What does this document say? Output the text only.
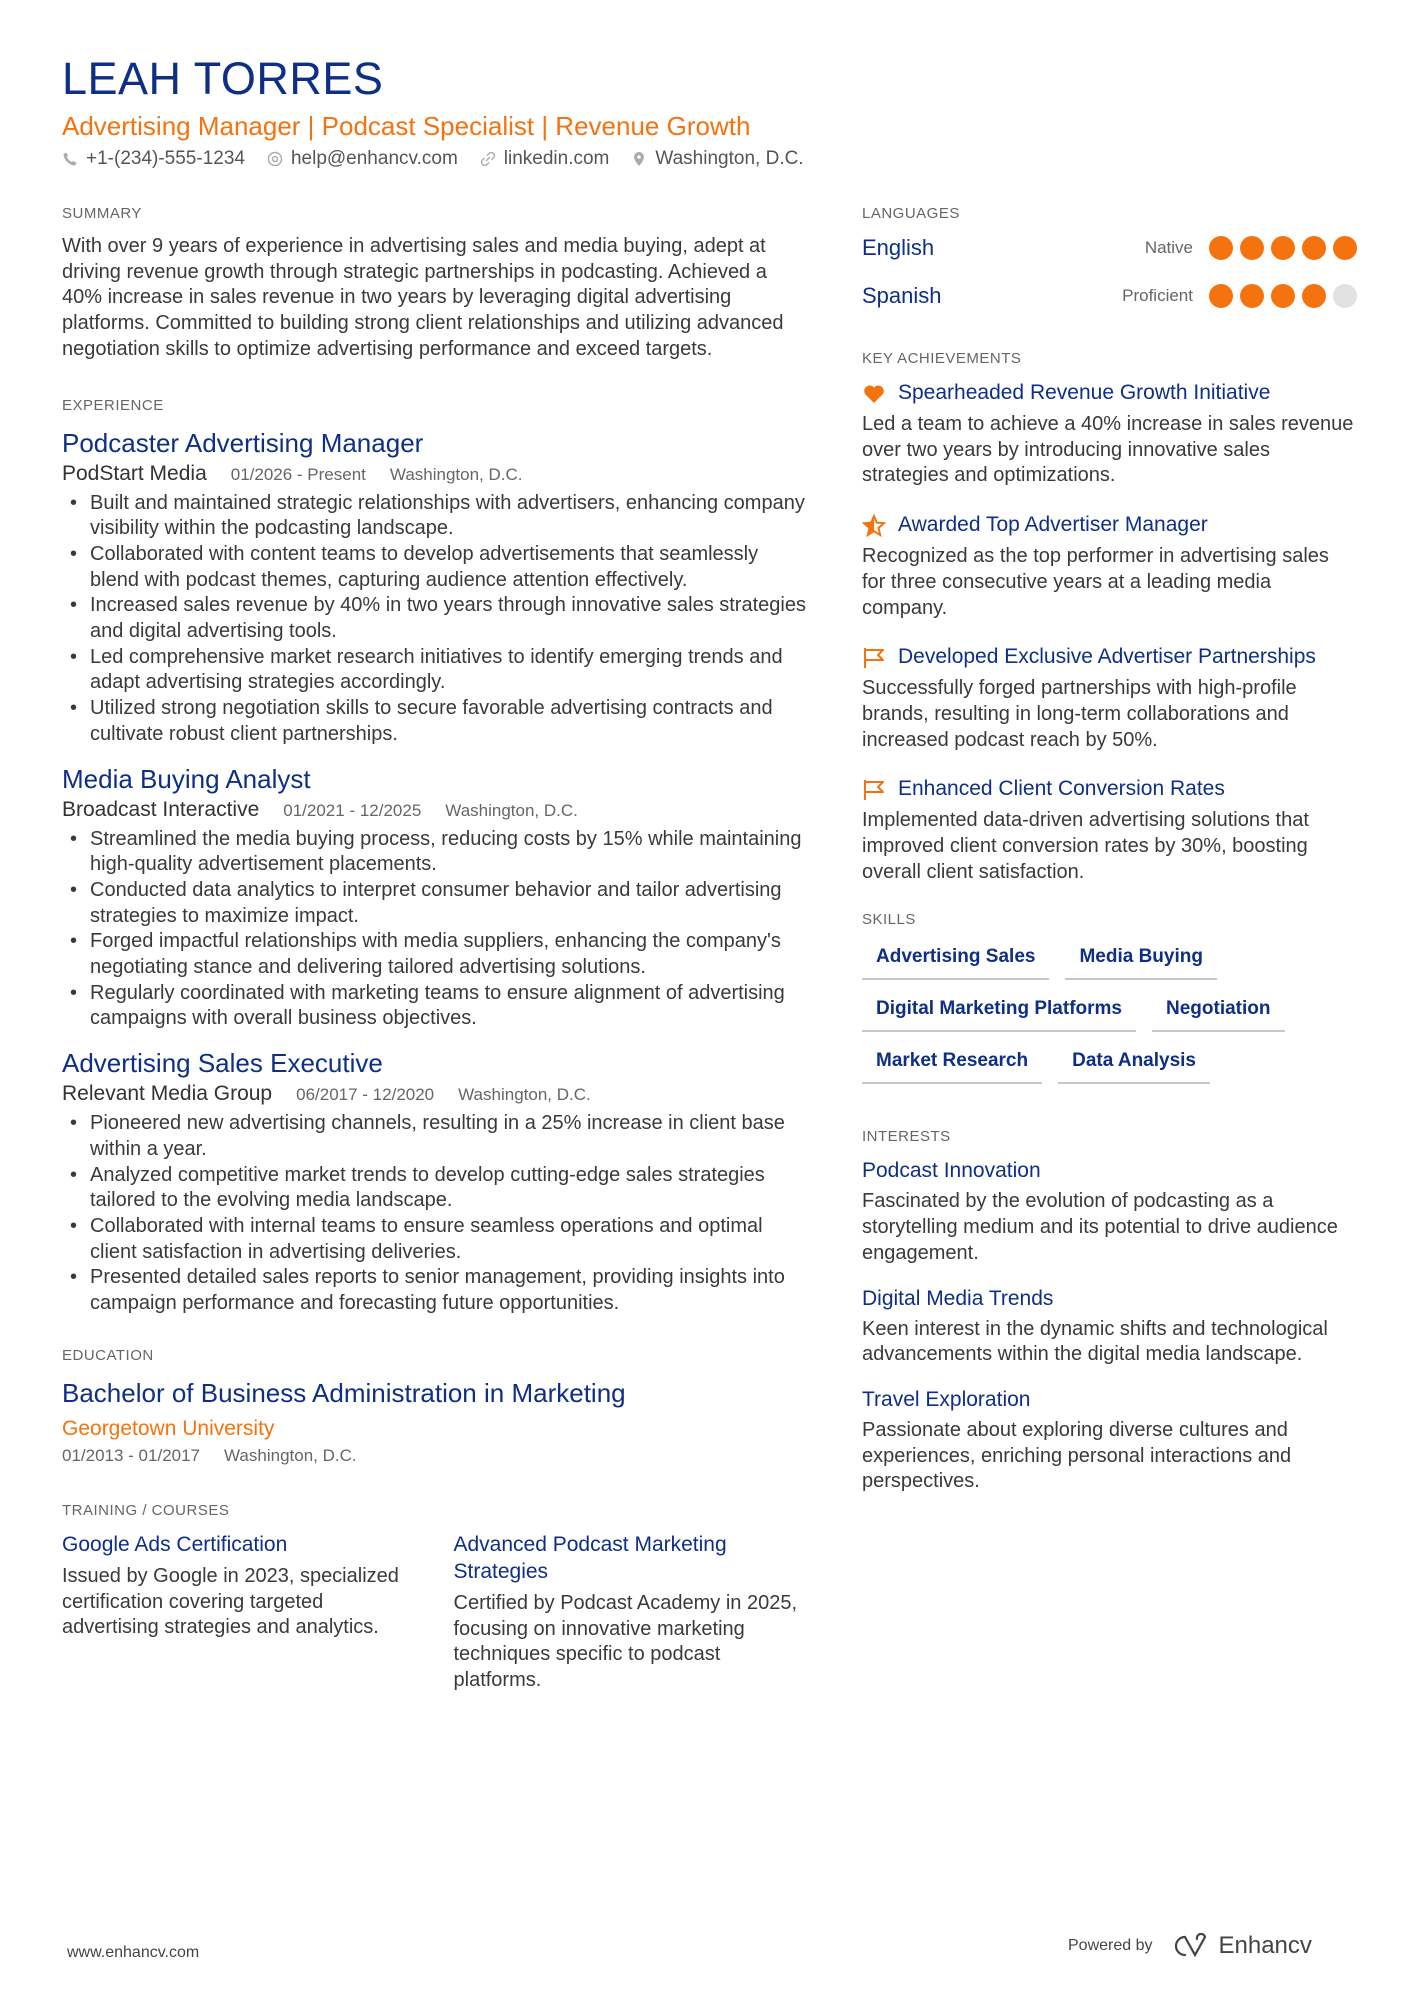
LEAH TORRES
Advertising Manager | Podcast Specialist | Revenue Growth
+1-(234)-555-1234 help@enhancv.com linkedin.com Washington, D.C.
SUMMARY

With over 9 years of experience in advertising sales and media buying, adept at driving revenue growth through strategic partnerships in podcasting. Achieved a 40% increase in sales revenue in two years by leveraging digital advertising platforms. Committed to building strong client relationships and utilizing advanced negotiation skills to optimize advertising performance and exceed targets.

EXPERIENCE
Podcaster Advertising Manager
PodStart Media 01/2026 - Present Washington, D.C.
• Built and maintained strategic relationships with advertisers, enhancing company visibility within the podcasting landscape.
• Collaborated with content teams to develop advertisements that seamlessly blend with podcast themes, capturing audience attention effectively.
• Increased sales revenue by 40% in two years through innovative sales strategies and digital advertising tools.
• Led comprehensive market research initiatives to identify emerging trends and adapt advertising strategies accordingly.
• Utilized strong negotiation skills to secure favorable advertising contracts and cultivate robust client partnerships.
Media Buying Analyst
Broadcast Interactive 01/2021 - 12/2025 Washington, D.C.
• Streamlined the media buying process, reducing costs by 15% while maintaining high-quality advertisement placements.
• Conducted data analytics to interpret consumer behavior and tailor advertising strategies to maximize impact.
• Forged impactful relationships with media suppliers, enhancing the company's negotiating stance and delivering tailored advertising solutions.
• Regularly coordinated with marketing teams to ensure alignment of advertising campaigns with overall business objectives.
Advertising Sales Executive
Relevant Media Group 06/2017 - 12/2020 Washington, D.C.
• Pioneered new advertising channels, resulting in a 25% increase in client base within a year.
• Analyzed competitive market trends to develop cutting-edge sales strategies tailored to the evolving media landscape.
• Collaborated with internal teams to ensure seamless operations and optimal client satisfaction in advertising deliveries.
• Presented detailed sales reports to senior management, providing insights into campaign performance and forecasting future opportunities.
EDUCATION
Bachelor of Business Administration in Marketing
Georgetown University
01/2013 - 01/2017 Washington, D.C.
TRAINING / COURSES
Google Ads Certification
Issued by Google in 2023, specialized certification covering targeted advertising strategies and analytics.
Advanced Podcast Marketing Strategies
Certified by Podcast Academy in 2025, focusing on innovative marketing techniques specific to podcast platforms.
LANGUAGES
English	Native
Spanish	Proficient
KEY ACHIEVEMENTS
Spearheaded Revenue Growth Initiative
Led a team to achieve a 40% increase in sales revenue over two years by introducing innovative sales strategies and optimizations.
Awarded Top Advertiser Manager
Recognized as the top performer in advertising sales for three consecutive years at a leading media company.
Developed Exclusive Advertiser Partnerships
Successfully forged partnerships with high-profile brands, resulting in long-term collaborations and increased podcast reach by 50%.
Enhanced Client Conversion Rates
Implemented data-driven advertising solutions that improved client conversion rates by 30%, boosting overall client satisfaction.
SKILLS
Advertising Sales	Media Buying
Digital Marketing Platforms	Negotiation
Market Research	Data Analysis
INTERESTS
Podcast Innovation
Fascinated by the evolution of podcasting as a storytelling medium and its potential to drive audience engagement.
Digital Media Trends
Keen interest in the dynamic shifts and technological advancements within the digital media landscape.
Travel Exploration
Passionate about exploring diverse cultures and experiences, enriching personal interactions and perspectives.
www.enhancv.com	Powered by	Enhancv
